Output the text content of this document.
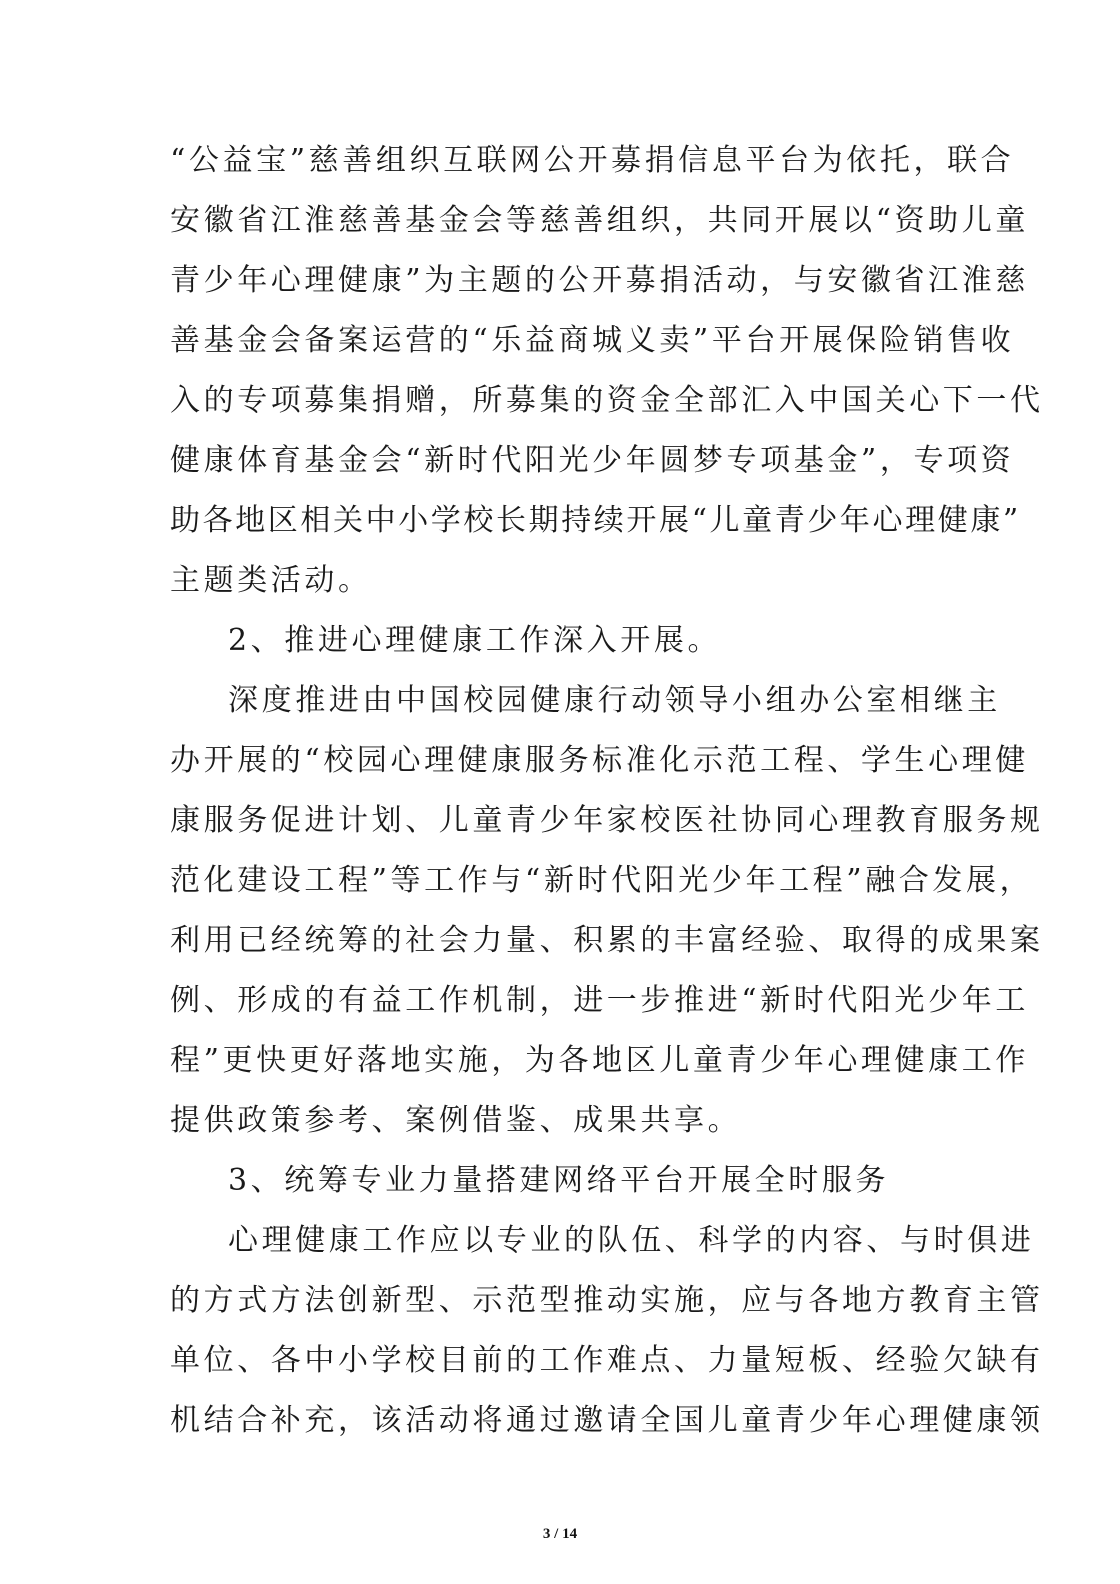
“公益宝”慈善组织互联网公开募捐信息平台为依托，联合
安徽省江淮慈善基金会等慈善组织，共同开展以“资助儿童
青少年心理健康”为主题的公开募捐活动，与安徽省江淮慈
善基金会备案运营的“乐益商城义卖”平台开展保险销售收
入的专项募集捐赠，所募集的资金全部汇入中国关心下一代
健康体育基金会“新时代阳光少年圆梦专项基金”，专项资
助各地区相关中小学校长期持续开展“儿童青少年心理健康”
主题类活动。
2、推进心理健康工作深入开展。
深度推进由中国校园健康行动领导小组办公室相继主
办开展的“校园心理健康服务标准化示范工程、学生心理健
康服务促进计划、儿童青少年家校医社协同心理教育服务规
范化建设工程”等工作与“新时代阳光少年工程”融合发展，
利用已经统筹的社会力量、积累的丰富经验、取得的成果案
例、形成的有益工作机制，进一步推进“新时代阳光少年工
程”更快更好落地实施，为各地区儿童青少年心理健康工作
提供政策参考、案例借鉴、成果共享。
3、统筹专业力量搭建网络平台开展全时服务
心理健康工作应以专业的队伍、科学的内容、与时俱进
的方式方法创新型、示范型推动实施，应与各地方教育主管
单位、各中小学校目前的工作难点、力量短板、经验欠缺有
机结合补充，该活动将通过邀请全国儿童青少年心理健康领
3 / 14
